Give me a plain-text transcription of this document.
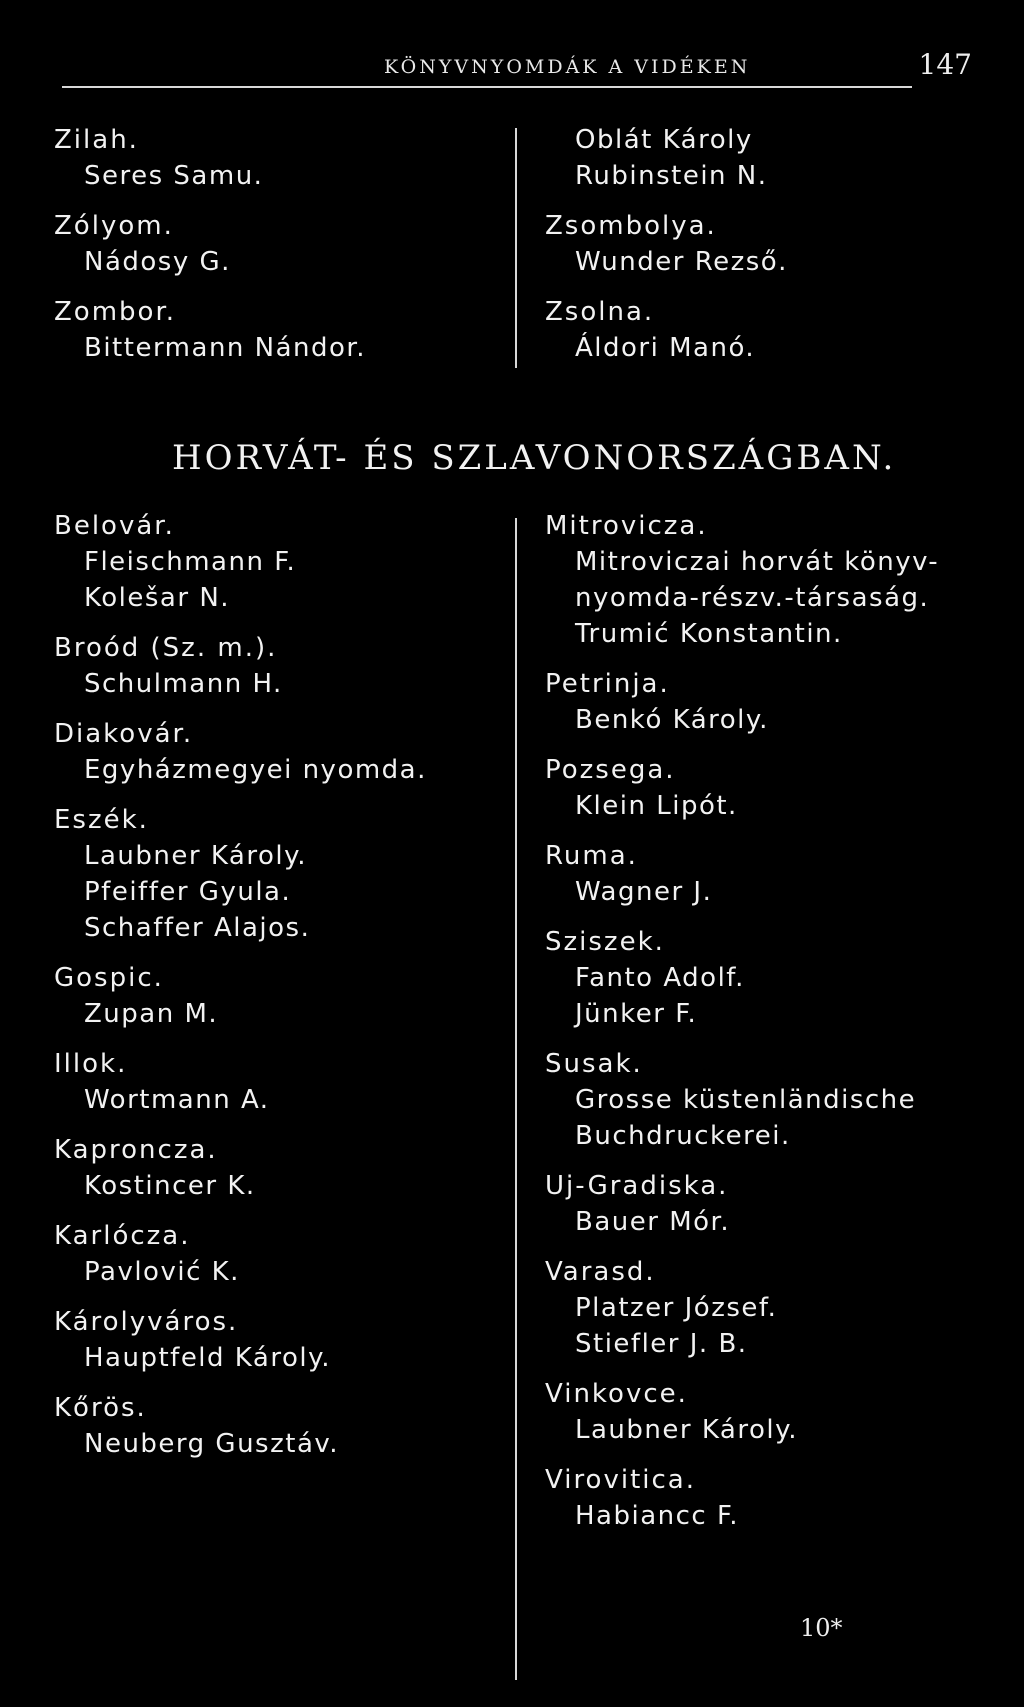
KÖNYVNYOMDÁK A VIDÉKEN	147
Zilah.
Seres Samu.
Zólyom.
Nádosy G.
Zombor.
Bittermann Nándor.
Oblát Károly
Rubinstein N.
Zsombolya.
Wunder Rezső.
Zsolna.
Áldori Manó.
HORVÁT- ÉS SZLAVONORSZÁGBAN.
Belovár.
Fleischmann F.
Kolešar N.
Broód (Sz. m.).
Schulmann H.
Diakovár.
Egyházmegyei nyomda.
Eszék.
Laubner Károly.
Pfeiffer Gyula.
Schaffer Alajos.
Gospic.
Zupan M.
Illok.
Wortmann A.
Kaproncza.
Kostincer K.
Karlócza.
Pavlović K.
Károlyváros.
Hauptfeld Károly.
Kőrös.
Neuberg Gusztáv.
Mitrovicza.
Mitroviczai horvát könyv-
nyomda-részv.-társaság.
Trumić Konstantin.
Petrinja.
Benkó Károly.
Pozsega.
Klein Lipót.
Ruma.
Wagner J.
Sziszek.
Fanto Adolf.
Jünker F.
Susak.
Grosse küstenländische
Buchdruckerei.
Uj-Gradiska.
Bauer Mór.
Varasd.
Platzer József.
Stiefler J. B.
Vinkovce.
Laubner Károly.
Virovitica.
Habiancc F.
10*
